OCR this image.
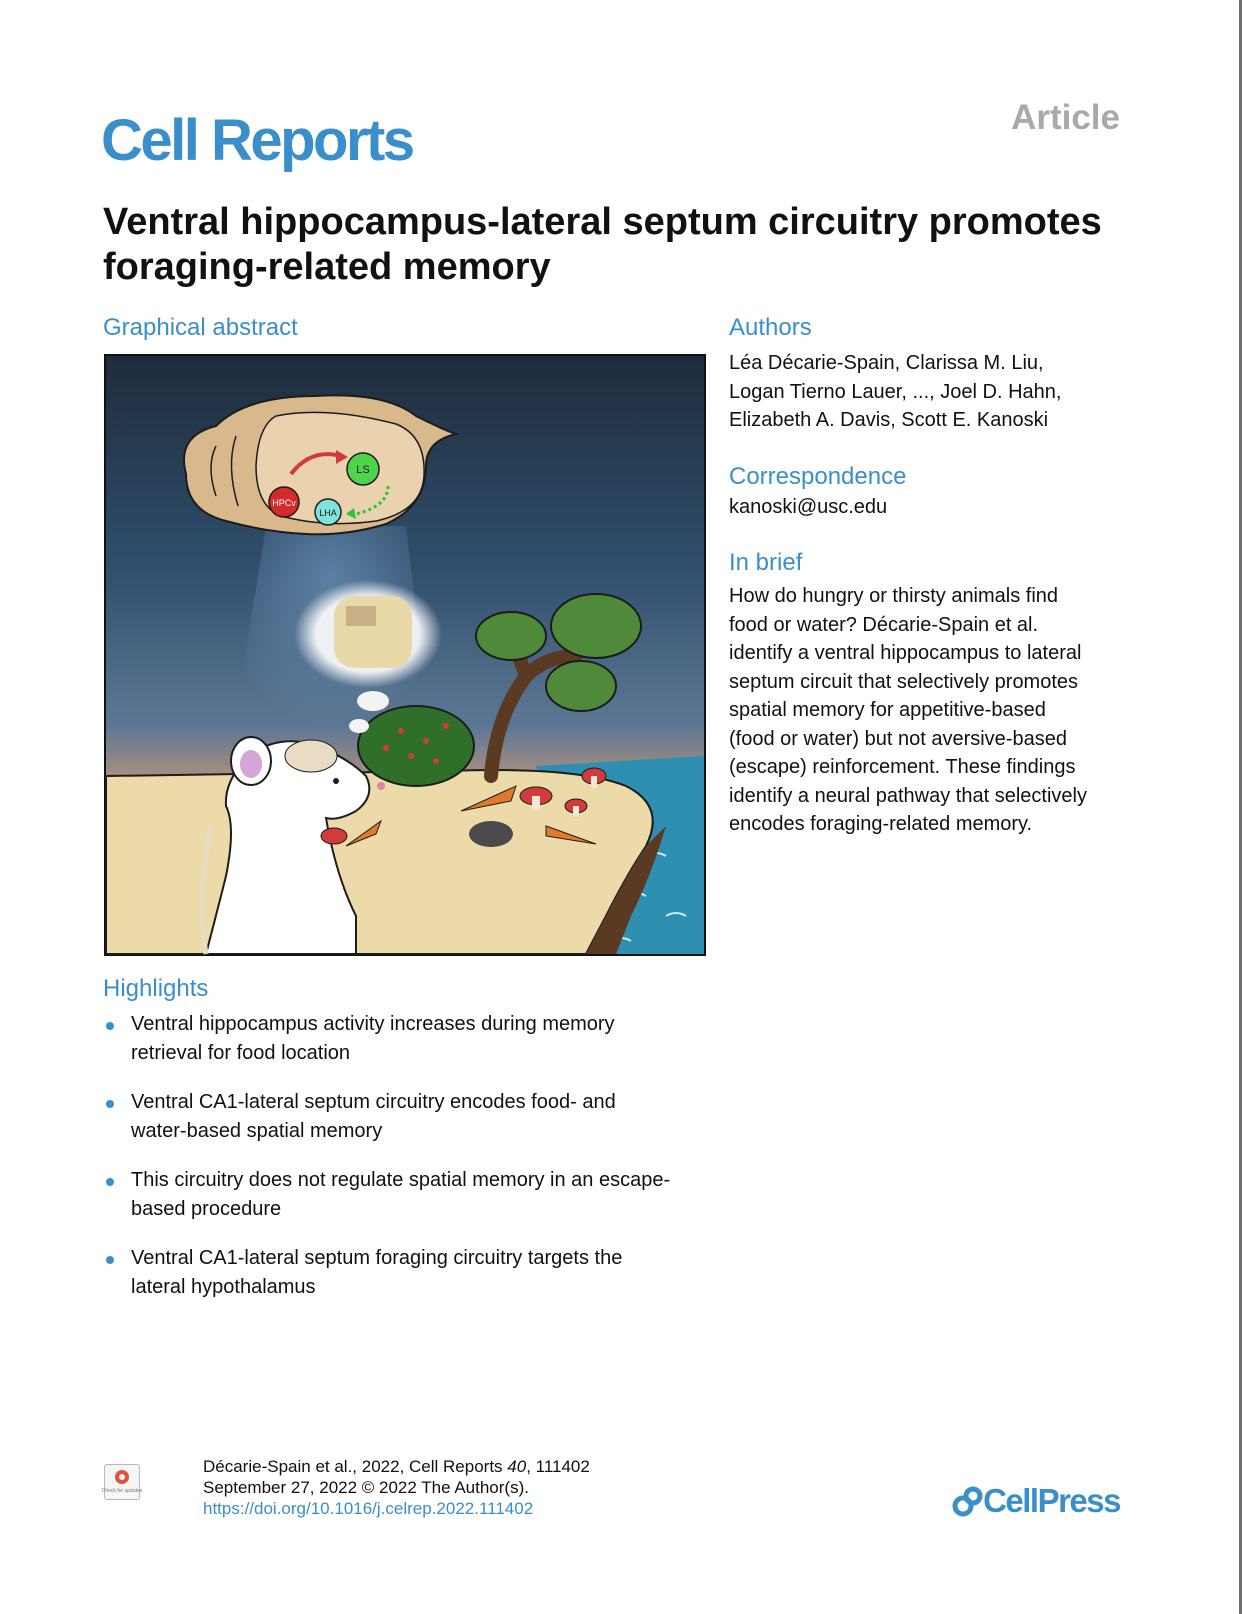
Cell Reports	Article
Ventral hippocampus-lateral septum circuitry promotes foraging-related memory
Graphical abstract
HPCv
LS
LHA
Authors
Léa Décarie-Spain, Clarissa M. Liu,
Logan Tierno Lauer, ..., Joel D. Hahn,
Elizabeth A. Davis, Scott E. Kanoski
Correspondence
kanoski@usc.edu
In brief
How do hungry or thirsty animals find
food or water? Décarie-Spain et al.
identify a ventral hippocampus to lateral
septum circuit that selectively promotes
spatial memory for appetitive-based
(food or water) but not aversive-based
(escape) reinforcement. These findings
identify a neural pathway that selectively
encodes foraging-related memory.
Highlights
Ventral hippocampus activity increases during memory
retrieval for food location
Ventral CA1-lateral septum circuitry encodes food- and
water-based spatial memory
This circuitry does not regulate spatial memory in an escape-
based procedure
Ventral CA1-lateral septum foraging circuitry targets the
lateral hypothalamus
Check for updates
Décarie-Spain et al., 2022, Cell Reports 40, 111402
September 27, 2022 © 2022 The Author(s).
https://doi.org/10.1016/j.celrep.2022.111402	CellPress
